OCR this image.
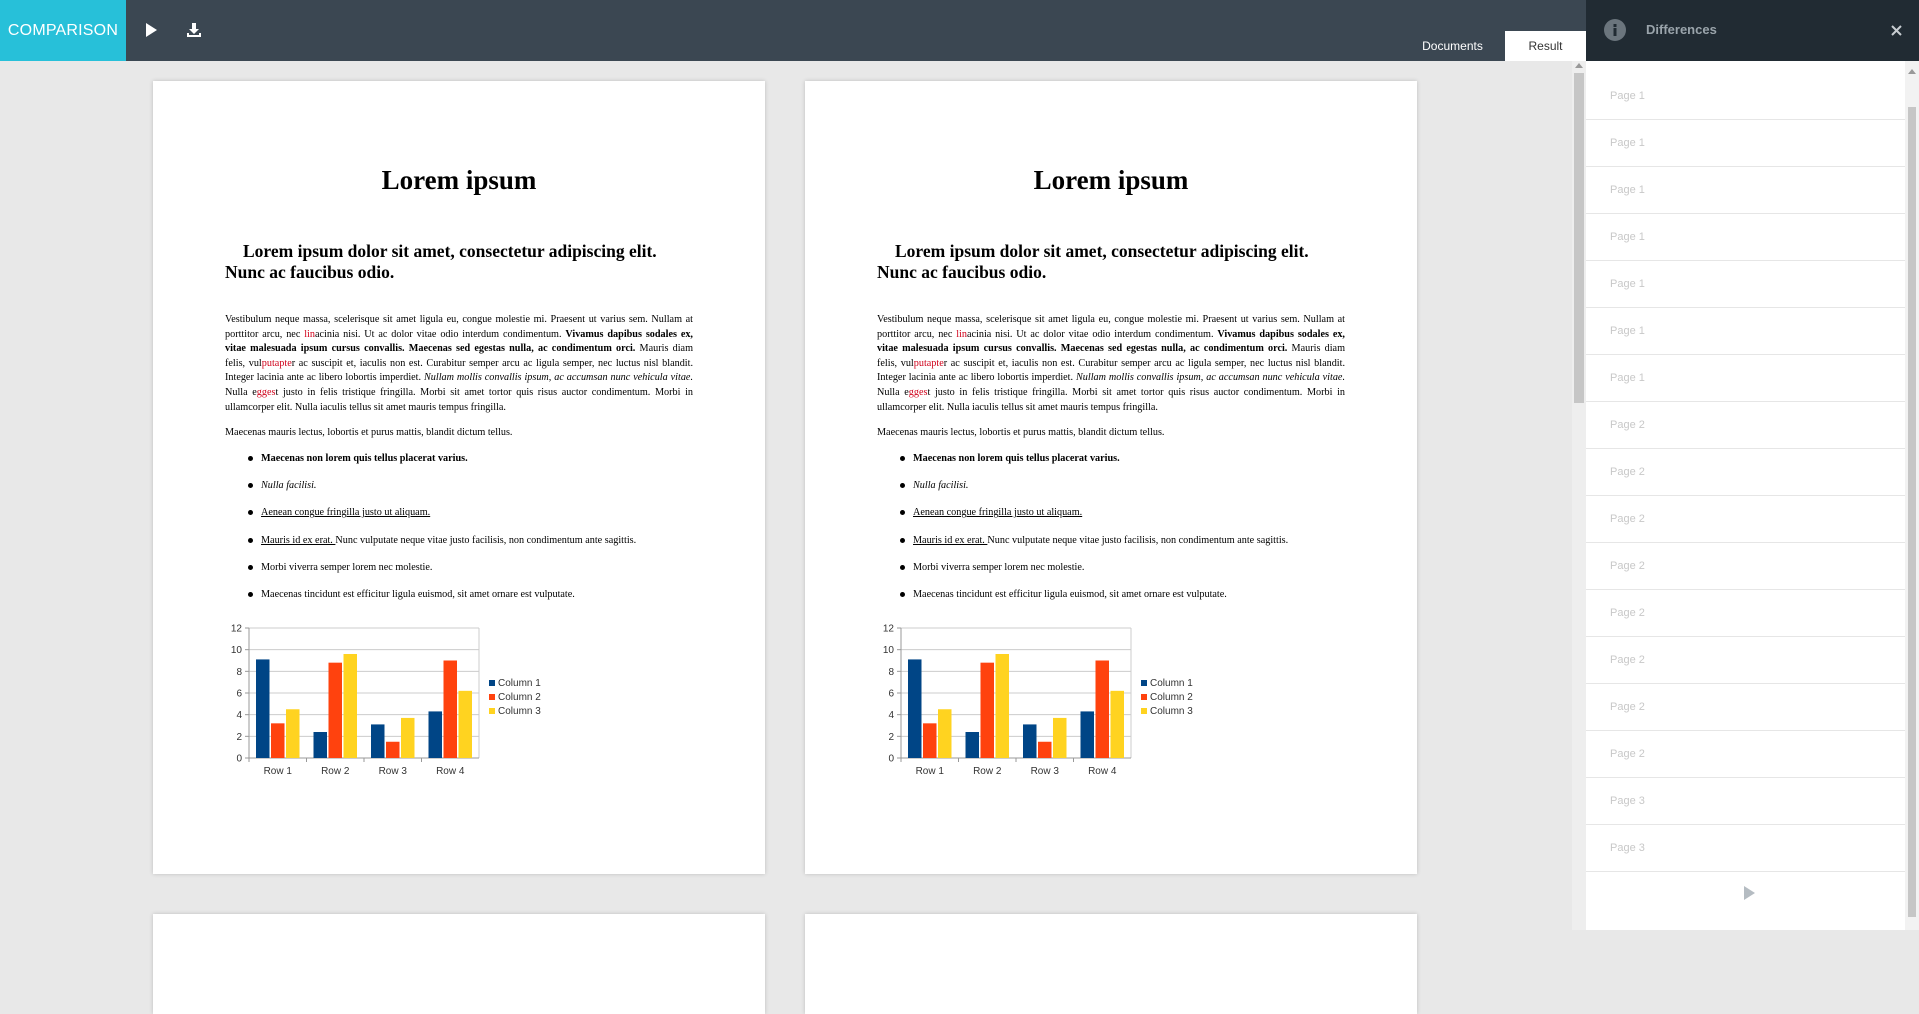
COMPARISON
Documents	Result
Lorem ipsum
Lorem ipsum dolor sit amet, consectetur adipiscing elit. Nunc ac faucibus odio.
Vestibulum neque massa, scelerisque sit amet ligula eu, congue molestie mi. Praesent ut varius sem. Nullam at porttitor arcu, nec linacinia nisi. Ut ac dolor vitae odio interdum condimentum. Vivamus dapibus sodales ex, vitae malesuada ipsum cursus convallis. Maecenas sed egestas nulla, ac condimentum orci. Mauris diam felis, vulputapter ac suscipit et, iaculis non est. Curabitur semper arcu ac ligula semper, nec luctus nisl blandit. Integer lacinia ante ac libero lobortis imperdiet. Nullam mollis convallis ipsum, ac accumsan nunc vehicula vitae. Nulla eggest justo in felis tristique fringilla. Morbi sit amet tortor quis risus auctor condimentum. Morbi in ullamcorper elit. Nulla iaculis tellus sit amet mauris tempus fringilla.
Maecenas mauris lectus, lobortis et purus mattis, blandit dictum tellus.
Maecenas non lorem quis tellus placerat varius.
Nulla facilisi.
Aenean congue fringilla justo ut aliquam.
Mauris id ex erat. Nunc vulputate neque vitae justo facilisis, non condimentum ante sagittis.
Morbi viverra semper lorem nec molestie.
Maecenas tincidunt est efficitur ligula euismod, sit amet ornare est vulputate.
0
2
4
6
8
10
12
Row 1	Row 2	Row 3	Row 4
Column 1
Column 2
Column 3
Lorem ipsum
Lorem ipsum dolor sit amet, consectetur adipiscing elit. Nunc ac faucibus odio.
Vestibulum neque massa, scelerisque sit amet ligula eu, congue molestie mi. Praesent ut varius sem. Nullam at porttitor arcu, nec linacinia nisi. Ut ac dolor vitae odio interdum condimentum. Vivamus dapibus sodales ex, vitae malesuada ipsum cursus convallis. Maecenas sed egestas nulla, ac condimentum orci. Mauris diam felis, vulputapter ac suscipit et, iaculis non est. Curabitur semper arcu ac ligula semper, nec luctus nisl blandit. Integer lacinia ante ac libero lobortis imperdiet. Nullam mollis convallis ipsum, ac accumsan nunc vehicula vitae. Nulla eggest justo in felis tristique fringilla. Morbi sit amet tortor quis risus auctor condimentum. Morbi in ullamcorper elit. Nulla iaculis tellus sit amet mauris tempus fringilla.
Maecenas mauris lectus, lobortis et purus mattis, blandit dictum tellus.
Maecenas non lorem quis tellus placerat varius.
Nulla facilisi.
Aenean congue fringilla justo ut aliquam.
Mauris id ex erat. Nunc vulputate neque vitae justo facilisis, non condimentum ante sagittis.
Morbi viverra semper lorem nec molestie.
Maecenas tincidunt est efficitur ligula euismod, sit amet ornare est vulputate.
0
2
4
6
8
10
12
Row 1	Row 2	Row 3	Row 4
Column 1
Column 2
Column 3
Differences
Page 1
Page 1
Page 1
Page 1
Page 1
Page 1
Page 1
Page 2
Page 2
Page 2
Page 2
Page 2
Page 2
Page 2
Page 2
Page 3
Page 3
